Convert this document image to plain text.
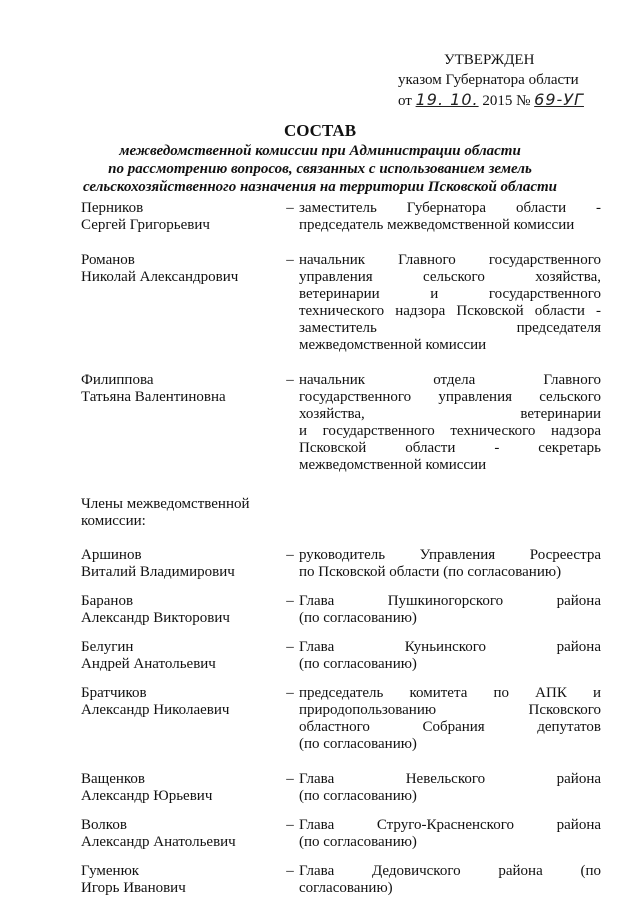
УТВЕРЖДЕН
указом Губернатора области
от 19. 10. 2015 № 69-УГ
СОСТАВ
межведомственной комиссии при Администрации области
по рассмотрению вопросов, связанных с использованием земель
сельскохозяйственного назначения на территории Псковской области
Перников
Сергей Григорьевич
– заместитель Губернатора области -
председатель межведомственной комиссии
Романов
Николай Александрович
– начальник Главного государственного
управления сельского хозяйства,
ветеринарии и государственного
технического надзора Псковской области -
заместитель председателя
межведомственной комиссии
Филиппова
Татьяна Валентиновна
– начальник отдела Главного
государственного управления сельского
хозяйства, ветеринарии
и государственного технического надзора
Псковской области - секретарь
межведомственной комиссии
Члены межведомственной
комиссии:
Аршинов
Виталий Владимирович
– руководитель Управления Росреестра
по Псковской области (по согласованию)
Баранов
Александр Викторович
– Глава Пушкиногорского района
(по согласованию)
Белугин
Андрей Анатольевич
– Глава Куньинского района
(по согласованию)
Братчиков
Александр Николаевич
– председатель комитета по АПК и
природопользованию Псковского
областного Собрания депутатов
(по согласованию)
Ващенков
Александр Юрьевич
– Глава Невельского района
(по согласованию)
Волков
Александр Анатольевич
– Глава Струго-Красненского района
(по согласованию)
Гуменюк
Игорь Иванович
– Глава Дедовичского района (по
согласованию)
